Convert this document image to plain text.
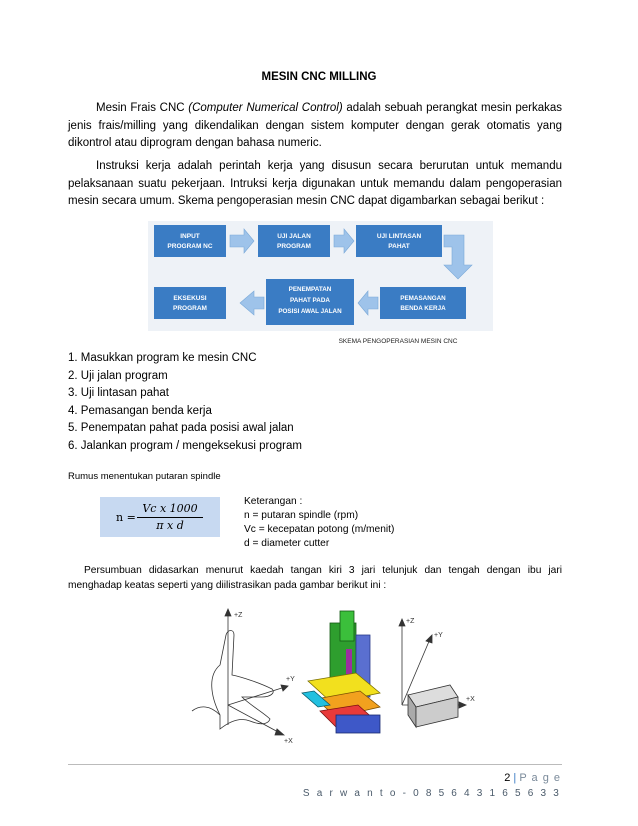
MESIN CNC MILLING
Mesin Frais CNC (Computer Numerical Control) adalah sebuah perangkat mesin perkakas jenis frais/milling yang dikendalikan dengan sistem komputer dengan gerak otomatis yang dikontrol atau diprogram dengan bahasa numeric.
Instruksi kerja adalah perintah kerja yang disusun secara berurutan untuk memandu pelaksanaan suatu pekerjaan. Intruksi kerja digunakan untuk memandu dalam pengoperasian mesin secara umum. Skema pengoperasian mesin CNC dapat digambarkan sebagai berikut :
INPUT
PROGRAM NC
UJI JALAN
PROGRAM
UJI LINTASAN
PAHAT
EKSEKUSI
PROGRAM
PENEMPATAN
PAHAT PADA
POSISI AWAL JALAN
PEMASANGAN
BENDA KERJA
SKEMA PENGOPERASIAN MESIN CNC
1. Masukkan program ke mesin CNC
2. Uji jalan program
3. Uji lintasan pahat
4. Pemasangan benda kerja
5. Penempatan pahat pada posisi awal jalan
6. Jalankan program / mengeksekusi program
Rumus menentukan putaran spindle
n =
Vc x 1000
π x d
Keterangan :
n = putaran spindle (rpm)
Vc = kecepatan potong (m/menit)
d = diameter cutter
Persumbuan didasarkan menurut kaedah tangan kiri 3 jari telunjuk dan tengah dengan ibu jari menghadap keatas seperti yang diilistrasikan pada gambar berikut ini :
+Z
+Y
+X
+Z
+Y
+X
2 | P a g e
S a r w a n t o - 0 8 5 6 4 3 1 6 5 6 3 3
